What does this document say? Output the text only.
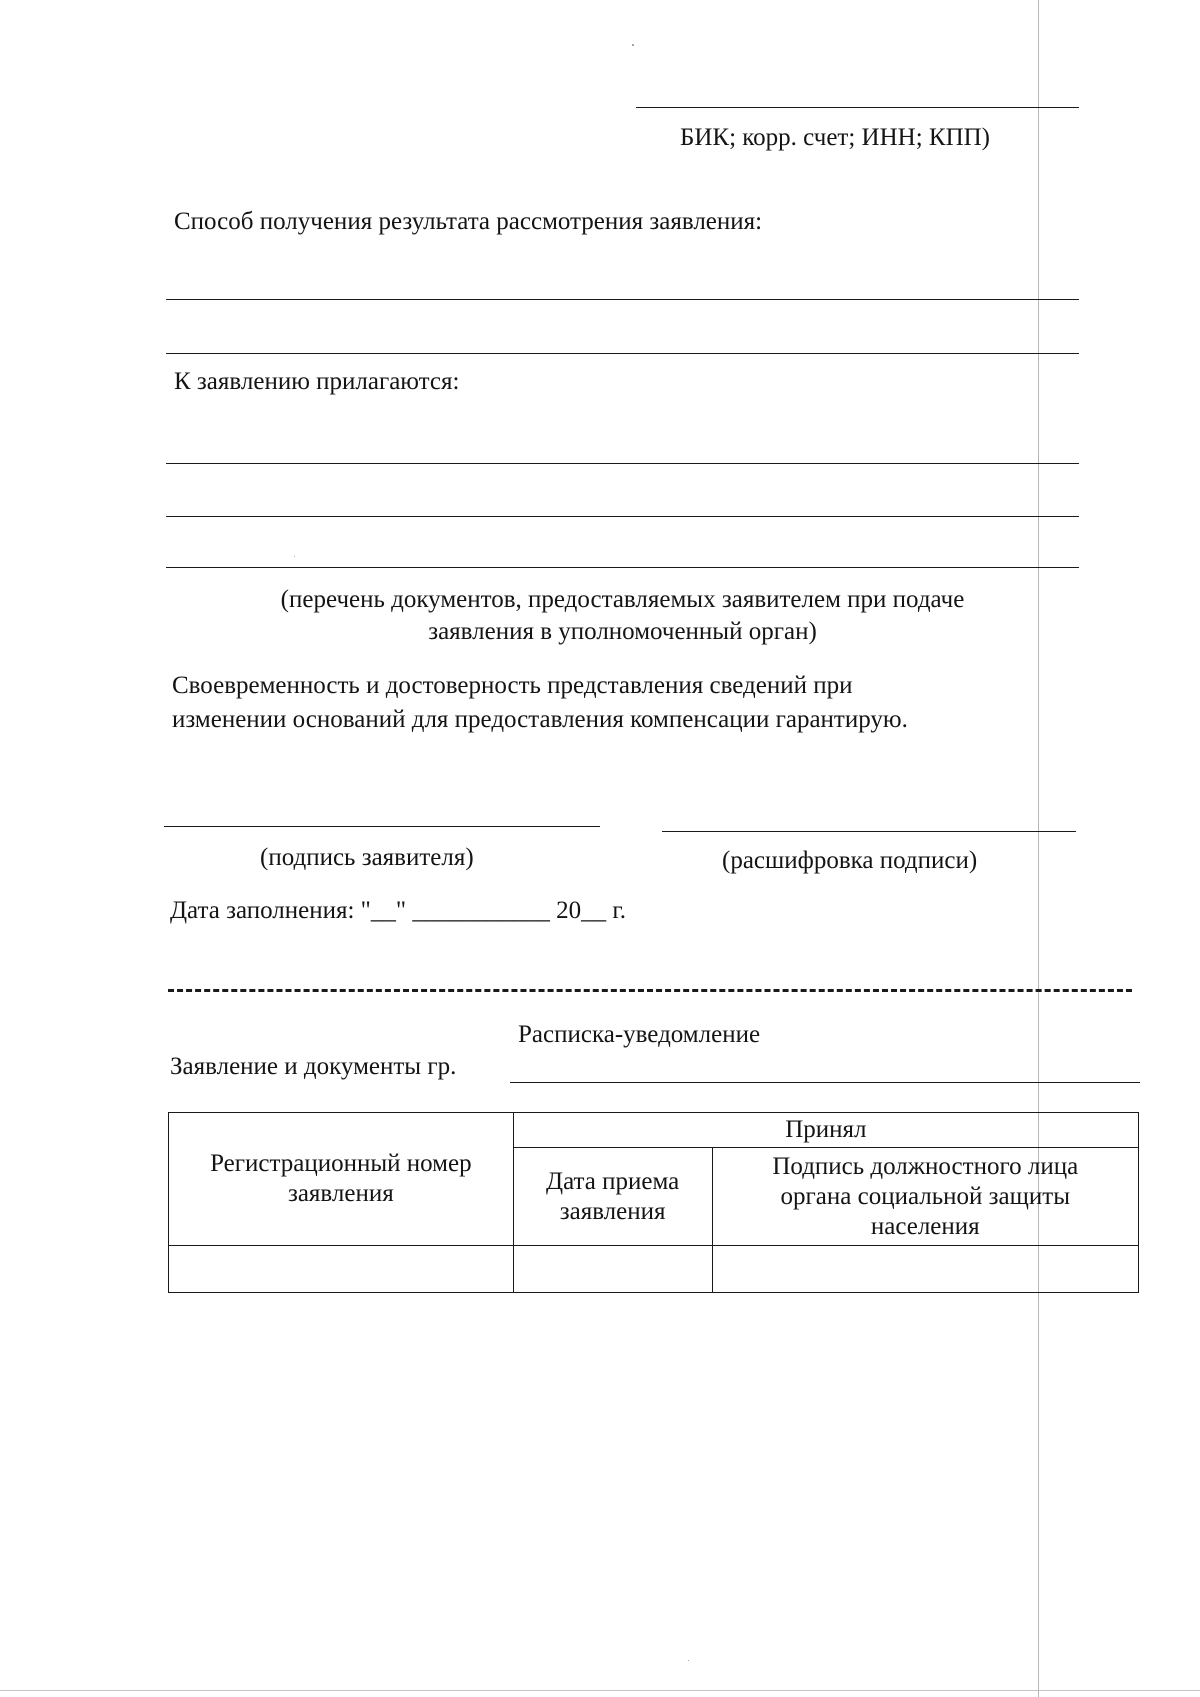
БИК; корр. счет; ИНН; КПП)
Способ получения результата рассмотрения заявления:
К заявлению прилагаются:
(перечень документов, предоставляемых заявителем при подаче
заявления в уполномоченный орган)
Своевременность и достоверность представления сведений при
изменении оснований для предоставления компенсации гарантирую.
(подпись заявителя)	(расшифровка подписи)
Дата заполнения: "__" ___________ 20__ г.
Расписка-уведомление
Заявление и документы гр.
Регистрационный номер заявления	Принял	
	Дата приема заявления	Подпись должностного лица органа социальной защиты населения
